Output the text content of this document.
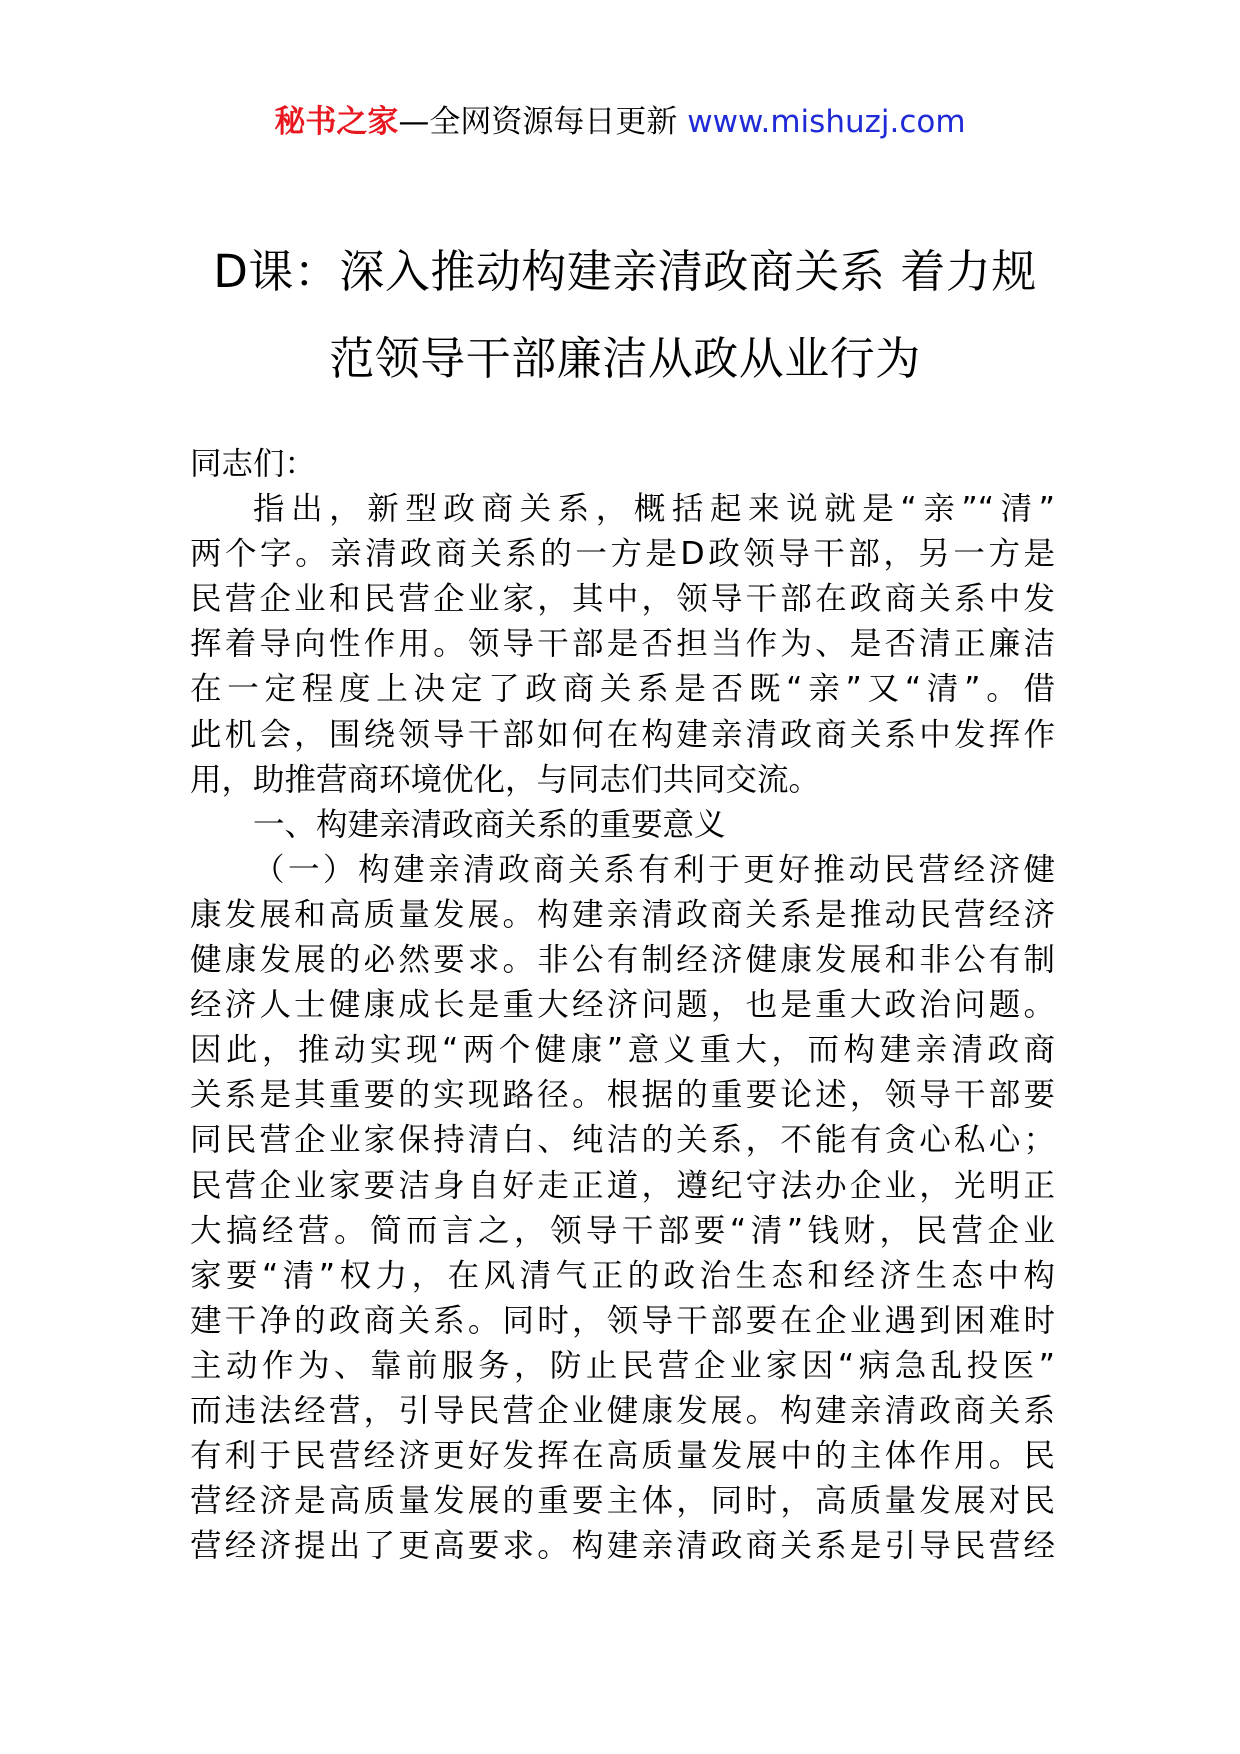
秘书之家—全网资源每日更新 www.mishuzj.com
D课：深入推动构建亲清政商关系 着力规
范领导干部廉洁从政从业行为
同志们：
指出，新型政商关系，概括起来说就是“亲”“清”
两个字。亲清政商关系的一方是D政领导干部，另一方是
民营企业和民营企业家，其中，领导干部在政商关系中发
挥着导向性作用。领导干部是否担当作为、是否清正廉洁
在一定程度上决定了政商关系是否既“亲”又“清”。借
此机会，围绕领导干部如何在构建亲清政商关系中发挥作
用，助推营商环境优化，与同志们共同交流。
一、构建亲清政商关系的重要意义
（一）构建亲清政商关系有利于更好推动民营经济健
康发展和高质量发展。构建亲清政商关系是推动民营经济
健康发展的必然要求。非公有制经济健康发展和非公有制
经济人士健康成长是重大经济问题，也是重大政治问题。
因此，推动实现“两个健康”意义重大，而构建亲清政商
关系是其重要的实现路径。根据的重要论述，领导干部要
同民营企业家保持清白、纯洁的关系，不能有贪心私心；
民营企业家要洁身自好走正道，遵纪守法办企业，光明正
大搞经营。简而言之，领导干部要“清”钱财，民营企业
家要“清”权力，在风清气正的政治生态和经济生态中构
建干净的政商关系。同时，领导干部要在企业遇到困难时
主动作为、靠前服务，防止民营企业家因“病急乱投医”
而违法经营，引导民营企业健康发展。构建亲清政商关系
有利于民营经济更好发挥在高质量发展中的主体作用。民
营经济是高质量发展的重要主体，同时，高质量发展对民
营经济提出了更高要求。构建亲清政商关系是引导民营经
